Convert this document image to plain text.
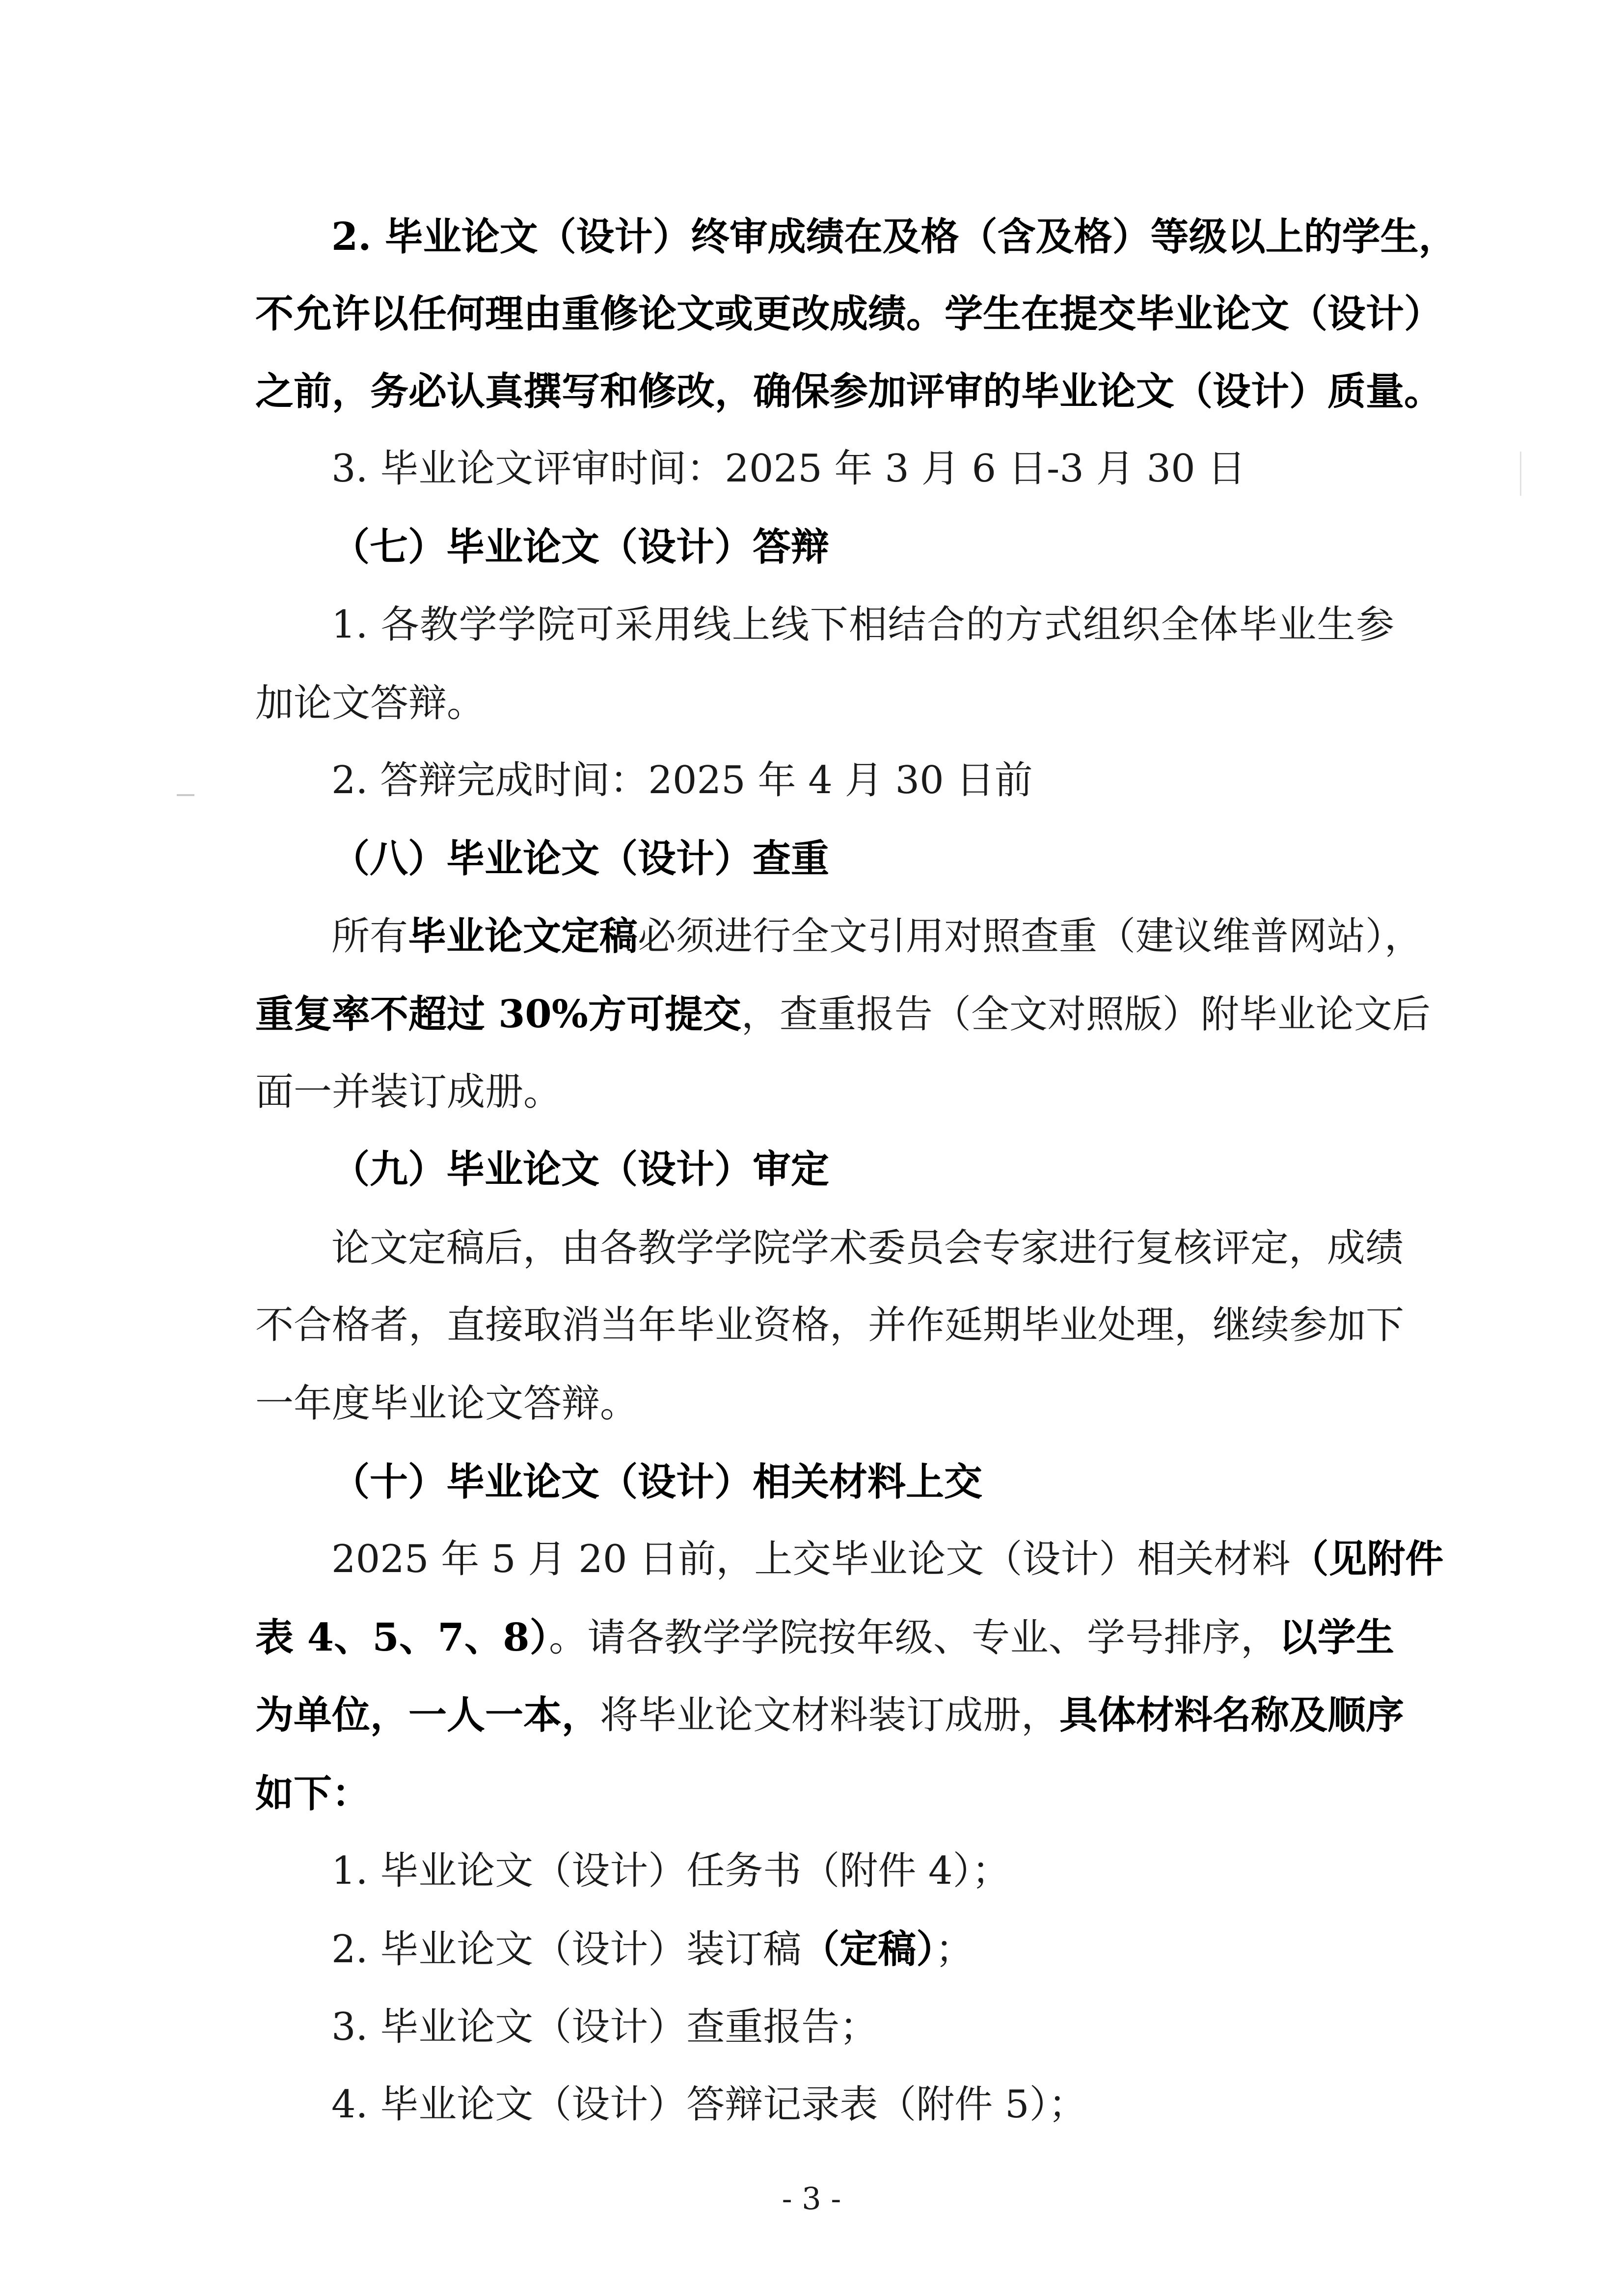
2. 毕业论文（设计）终审成绩在及格（含及格）等级以上的学生，
不允许以任何理由重修论文或更改成绩。学生在提交毕业论文（设计）
之前，务必认真撰写和修改，确保参加评审的毕业论文（设计）质量。
3. 毕业论文评审时间：2025 年 3 月 6 日-3 月 30 日
（七）毕业论文（设计）答辩
1. 各教学学院可采用线上线下相结合的方式组织全体毕业生参
加论文答辩。
2. 答辩完成时间：2025 年 4 月 30 日前
（八）毕业论文（设计）查重
所有毕业论文定稿必须进行全文引用对照查重（建议维普网站），
重复率不超过 30%方可提交，查重报告（全文对照版）附毕业论文后
面一并装订成册。
（九）毕业论文（设计）审定
论文定稿后，由各教学学院学术委员会专家进行复核评定，成绩
不合格者，直接取消当年毕业资格，并作延期毕业处理，继续参加下
一年度毕业论文答辩。
（十）毕业论文（设计）相关材料上交
2025 年 5 月 20 日前，上交毕业论文（设计）相关材料（见附件
表 4、5、7、8）。请各教学学院按年级、专业、学号排序，以学生
为单位，一人一本，将毕业论文材料装订成册，具体材料名称及顺序
如下：
1. 毕业论文（设计）任务书（附件 4）；
2. 毕业论文（设计）装订稿（定稿）；
3. 毕业论文（设计）查重报告；
4. 毕业论文（设计）答辩记录表（附件 5）；
- 3 -
